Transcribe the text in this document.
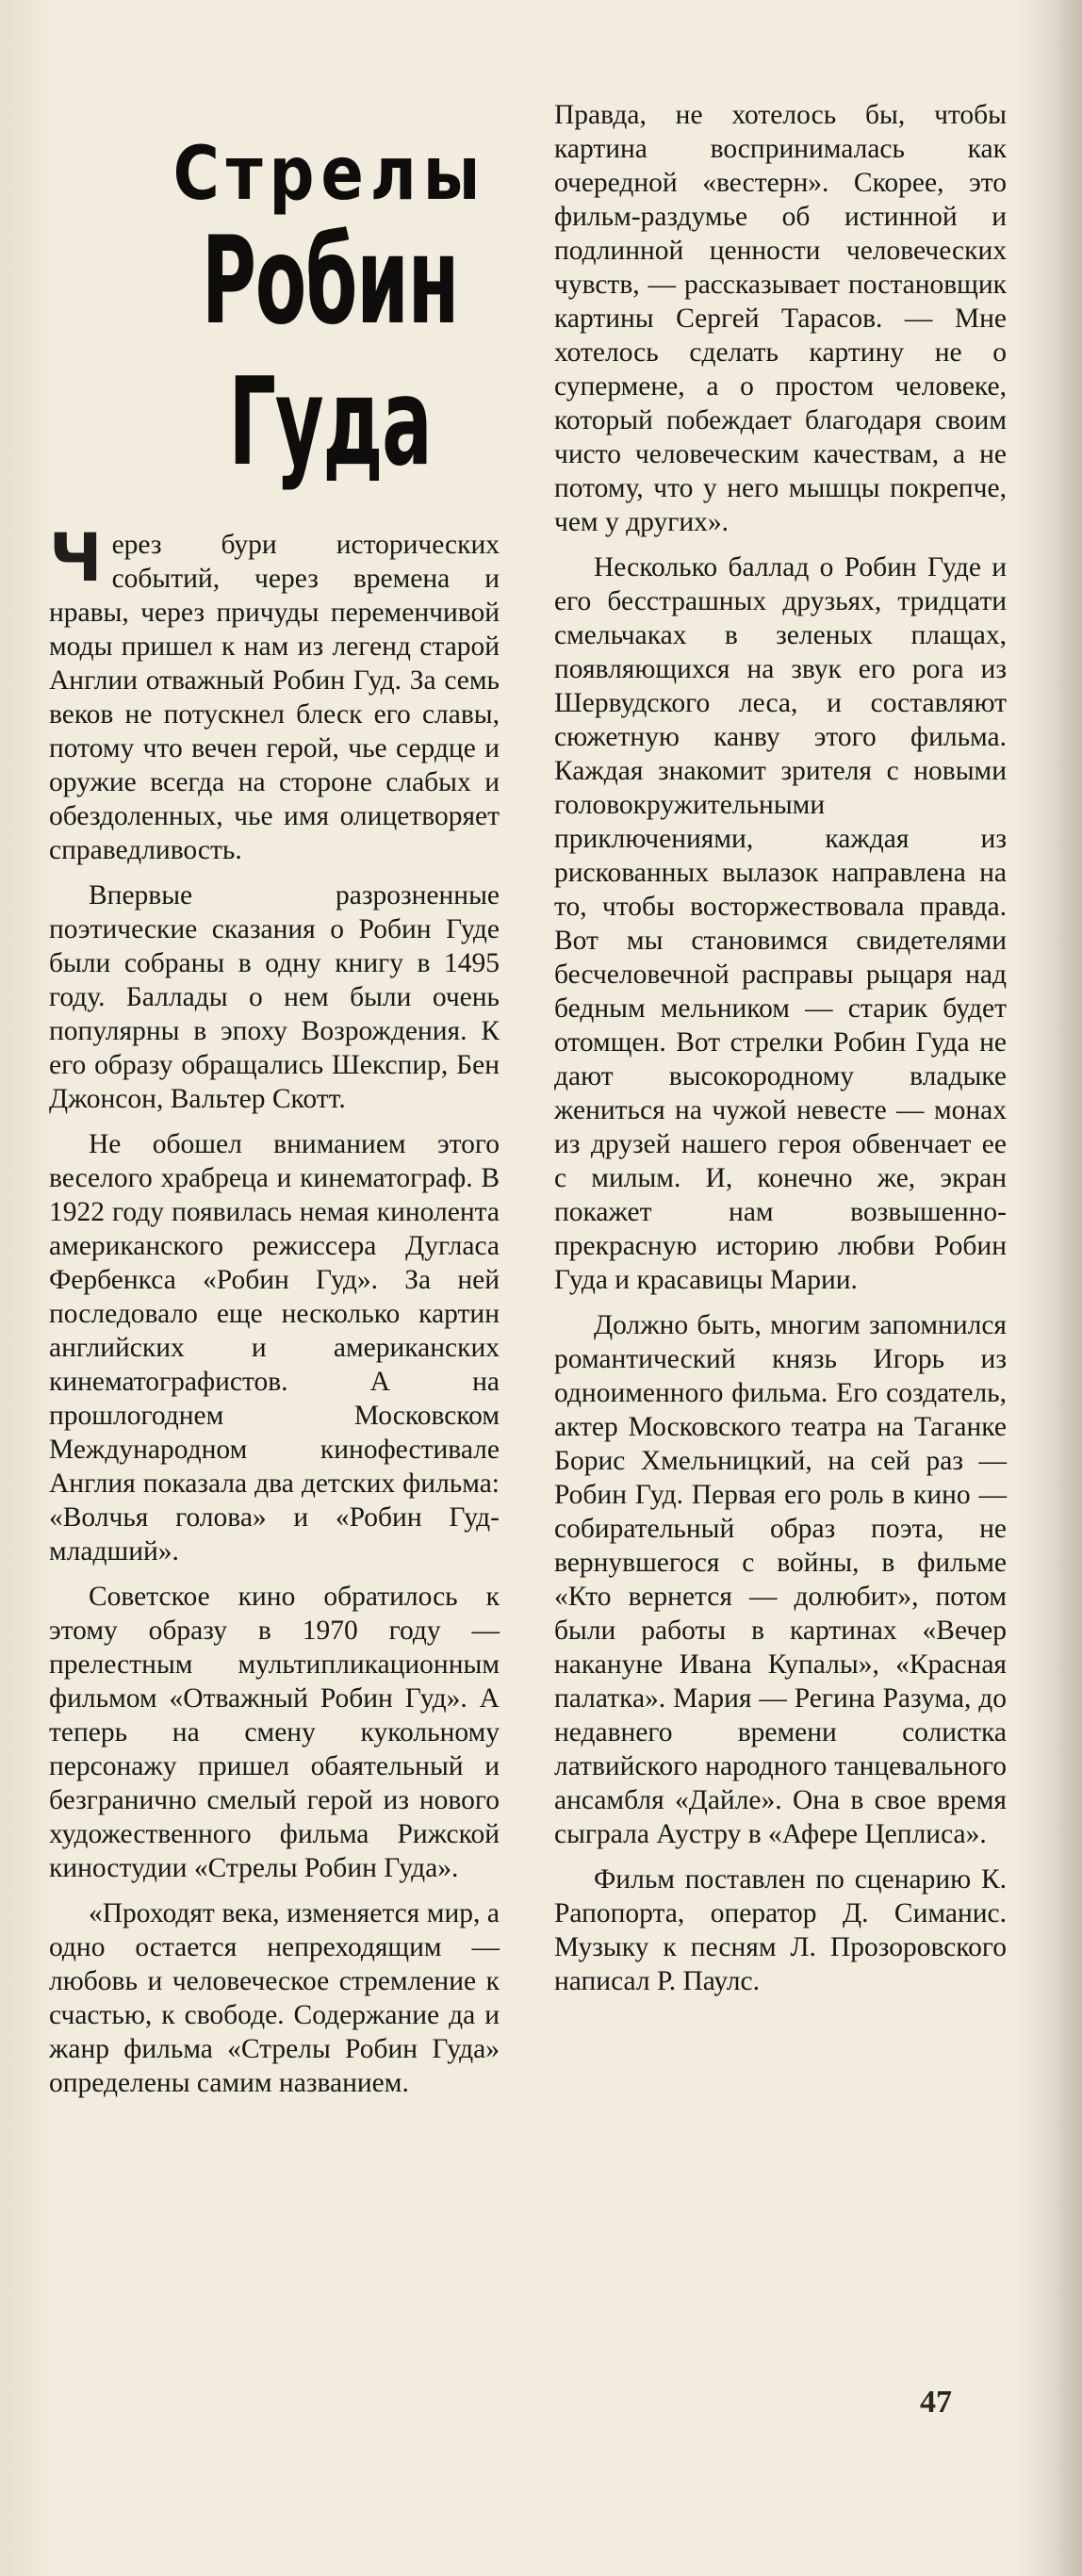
Стрелы
Робин Гуда

Через бури исторических событий, через времена и нравы, через причуды переменчивой моды пришел к нам из легенд старой Англии отважный Робин Гуд. За семь веков не потускнел блеск его славы, потому что вечен герой, чье сердце и оружие всегда на стороне слабых и обездоленных, чье имя олицетворяет справедливость.

Впервые разрозненные поэтические сказания о Робин Гуде были собраны в одну книгу в 1495 году. Баллады о нем были очень популярны в эпоху Возрождения. К его образу обращались Шекспир, Бен Джонсон, Вальтер Скотт.

Не обошел вниманием этого веселого храбреца и кинематограф. В 1922 году появилась немая кинолента американского режиссера Дугласа Фербенкса «Робин Гуд». За ней последовало еще несколько картин английских и американских кинематографистов. А на прошлогоднем Московском Международном кинофестивале Англия показала два детских фильма: «Волчья голова» и «Робин Гуд-младший».

Советское кино обратилось к этому образу в 1970 году — прелестным мультипликационным фильмом «Отважный Робин Гуд». А теперь на смену кукольному персонажу пришел обаятельный и безгранично смелый герой из нового художественного фильма Рижской киностудии «Стрелы Робин Гуда».

«Проходят века, изменяется мир, а одно остается непреходящим — любовь и человеческое стремление к счастью, к свободе. Содержание да и жанр фильма «Стрелы Робин Гуда» определены самим названием.

Правда, не хотелось бы, чтобы картина воспринималась как очередной «вестерн». Скорее, это фильм-раздумье об истинной и подлинной ценности человеческих чувств, — рассказывает постановщик картины Сергей Тарасов. — Мне хотелось сделать картину не о супермене, а о простом человеке, который побеждает благодаря своим чисто человеческим качествам, а не потому, что у него мышцы покрепче, чем у других».

Несколько баллад о Робин Гуде и его бесстрашных друзьях, тридцати смельчаках в зеленых плащах, появляющихся на звук его рога из Шервудского леса, и составляют сюжетную канву этого фильма. Каждая знакомит зрителя с новыми головокружительными приключениями, каждая из рискованных вылазок направлена на то, чтобы восторжествовала правда. Вот мы становимся свидетелями бесчеловечной расправы рыцаря над бедным мельником — старик будет отомщен. Вот стрелки Робин Гуда не дают высокородному владыке жениться на чужой невесте — монах из друзей нашего героя обвенчает ее с милым. И, конечно же, экран покажет нам возвышенно-прекрасную историю любви Робин Гуда и красавицы Марии.

Должно быть, многим запомнился романтический князь Игорь из одноименного фильма. Его создатель, актер Московского театра на Таганке Борис Хмельницкий, на сей раз — Робин Гуд. Первая его роль в кино — собирательный образ поэта, не вернувшегося с войны, в фильме «Кто вернется — долюбит», потом были работы в картинах «Вечер накануне Ивана Купалы», «Красная палатка». Мария — Регина Разума, до недавнего времени солистка латвийского народного танцевального ансамбля «Дайле». Она в свое время сыграла Аустру в «Афере Цеплиса».

Фильм поставлен по сценарию К. Рапопорта, оператор Д. Симанис. Музыку к песням Л. Прозоровского написал Р. Паулс.

47
